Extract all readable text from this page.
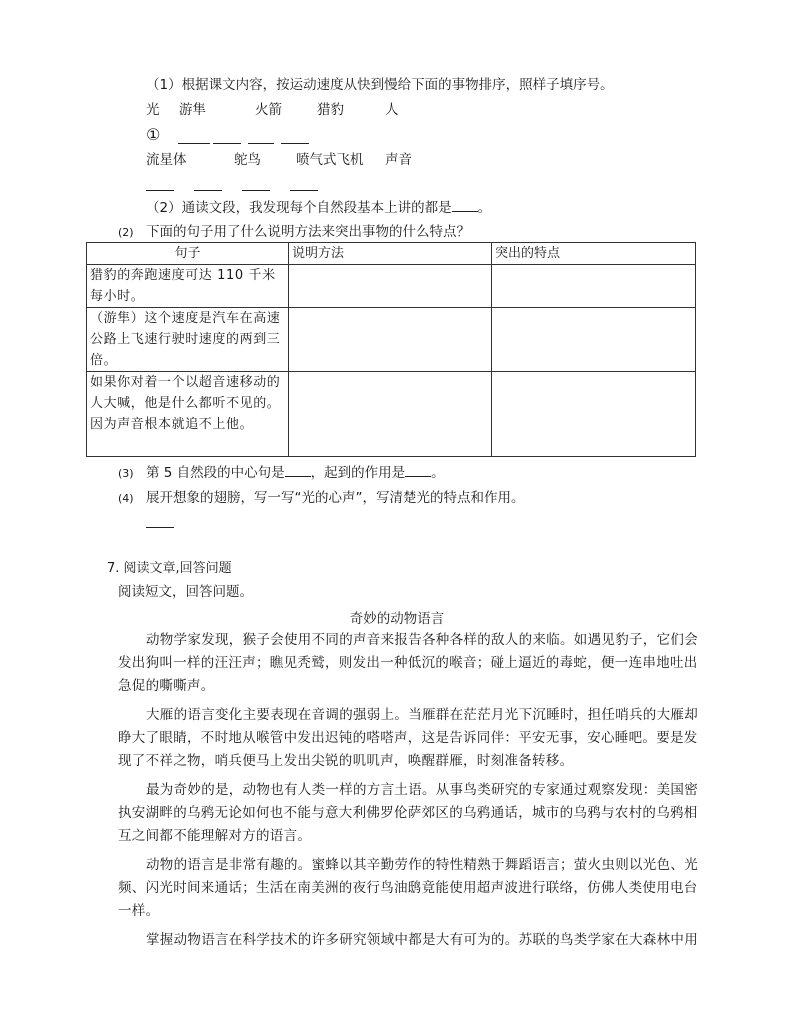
（1）根据课文内容，按运动速度从快到慢给下面的事物排序，照样子填序号。
光 游隼	火箭	猎豹	人
①
流星体	鸵鸟	喷气式飞机 声音
（2）通读文段，我发现每个自然段基本上讲的都是 。
(2) 下面的句子用了什么说明方法来突出事物的什么特点？
句子	说明方法	突出的特点
猎豹的奔跑速度可达 110 千米每小时。		
（游隼）这个速度是汽车在高速公路上飞速行驶时速度的两到三倍。		
如果你对着一个以超音速移动的人大喊，他是什么都听不见的。因为声音根本就追不上他。		
(3) 第 5 自然段的中心句是 ，起到的作用是 。
(4) 展开想象的翅膀，写一写“光的心声”，写清楚光的特点和作用。
7. 阅读文章,回答问题
阅读短文，回答问题。
奇妙的动物语言

动物学家发现，猴子会使用不同的声音来报告各种各样的敌人的来临。如遇见豹子，它们会发出狗叫一样的汪汪声；瞧见秃鹫，则发出一种低沉的喉音；碰上逼近的毒蛇，便一连串地吐出急促的嘶嘶声。

大雁的语言变化主要表现在音调的强弱上。当雁群在茫茫月光下沉睡时，担任哨兵的大雁却睁大了眼睛，不时地从喉管中发出迟钝的嗒嗒声，这是告诉同伴：平安无事，安心睡吧。要是发现了不祥之物，哨兵便马上发出尖锐的叽叽声，唤醒群雁，时刻准备转移。

最为奇妙的是，动物也有人类一样的方言土语。从事鸟类研究的专家通过观察发现：美国密执安湖畔的乌鸦无论如何也不能与意大利佛罗伦萨郊区的乌鸦通话，城市的乌鸦与农村的乌鸦相互之间都不能理解对方的语言。

动物的语言是非常有趣的。蜜蜂以其辛勤劳作的特性精熟于舞蹈语言；萤火虫则以光色、光频、闪光时间来通话；生活在南美洲的夜行鸟油鸱竟能使用超声波进行联络，仿佛人类使用电台一样。

掌握动物语言在科学技术的许多研究领域中都是大有可为的。苏联的鸟类学家在大森林中用
